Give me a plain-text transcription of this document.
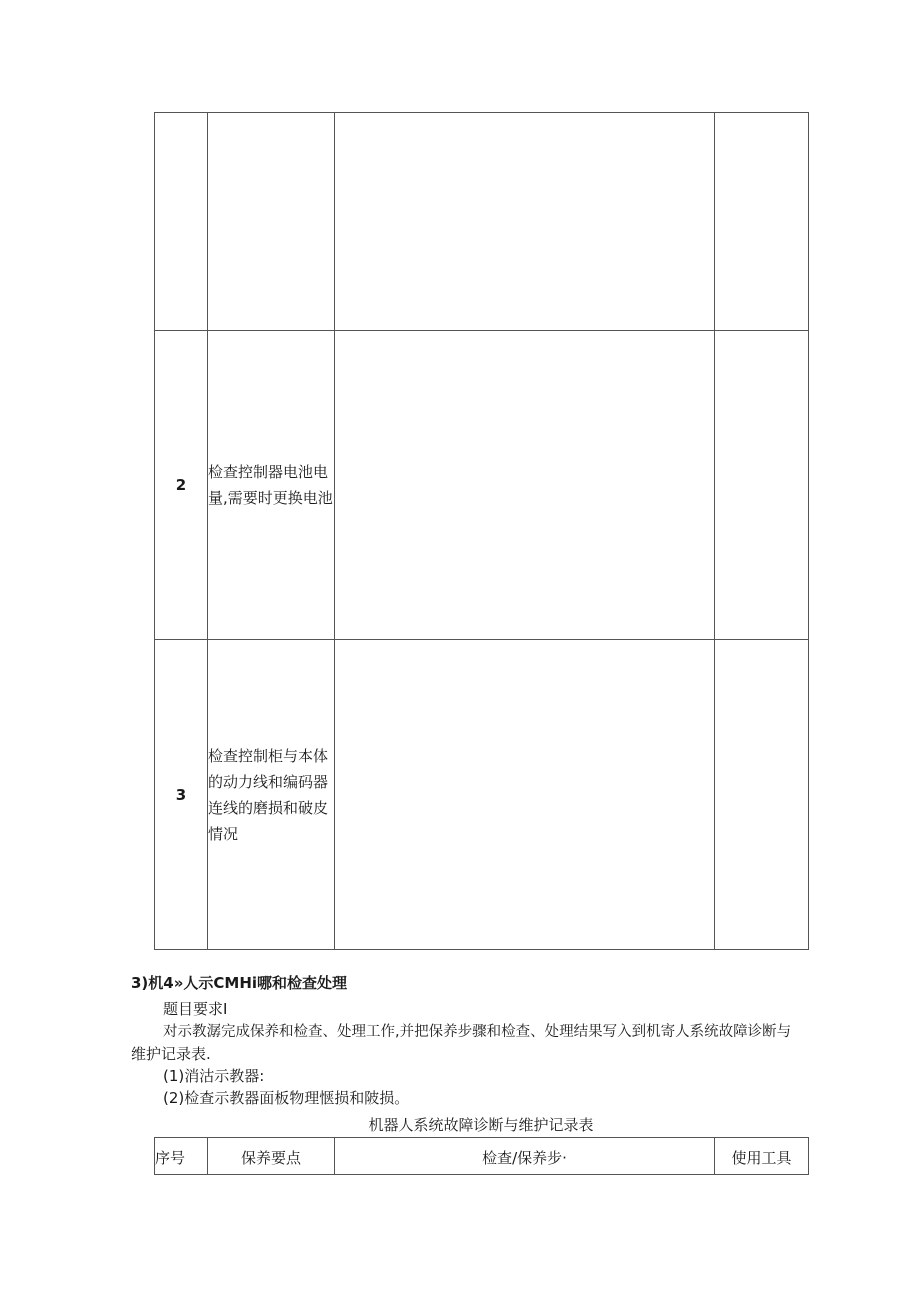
2	检查控制器电池电量,需要时更换电池		
3	检查控制柜与本体的动力线和编码器连线的磨损和破皮情况		
3)机4»人示CMHi哪和检查处理
题目要求I
对示教潺完成保养和检查、处理工作,并把保养步骤和检查、处理结果写入到机寄人系统故障诊断与
维护记录表.
(1)消沽示教器:
(2)检查示教器面板物理惬损和陂损。
机器人系统故障诊断与维护记录表
序号	保养要点	检查/保养步·	使用工具
